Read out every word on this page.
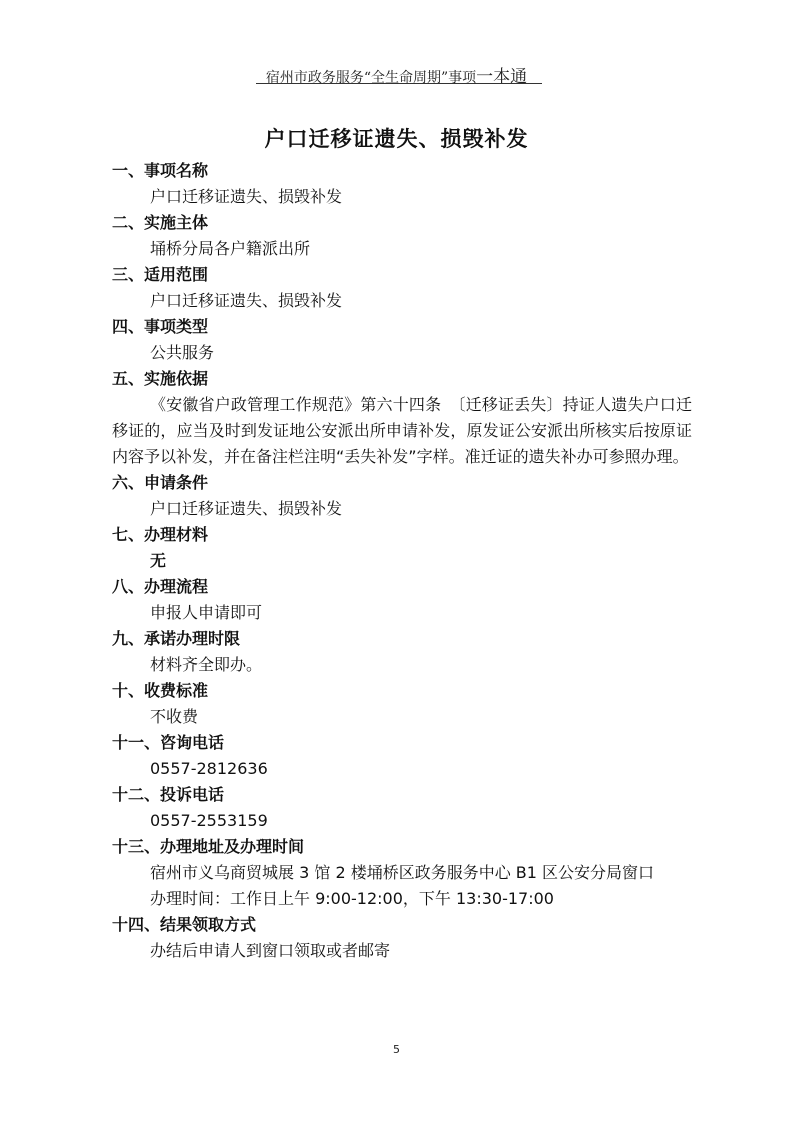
宿州市政务服务“全生命周期”事项一本通
户口迁移证遗失、损毁补发
一、事项名称
户口迁移证遗失、损毁补发
二、实施主体
埇桥分局各户籍派出所
三、适用范围
户口迁移证遗失、损毁补发
四、事项类型
公共服务
五、实施依据
《安徽省户政管理工作规范》第六十四条　〔迁移证丢失〕持证人遗失户口迁移证的，应当及时到发证地公安派出所申请补发，原发证公安派出所核实后按原证内容予以补发，并在备注栏注明“丢失补发”字样。准迁证的遗失补办可参照办理。
六、申请条件
户口迁移证遗失、损毁补发
七、办理材料
无
八、办理流程
申报人申请即可
九、承诺办理时限
材料齐全即办。
十、收费标准
不收费
十一、咨询电话
0557-2812636
十二、投诉电话
0557-2553159
十三、办理地址及办理时间
宿州市义乌商贸城展 3 馆 2 楼埇桥区政务服务中心 B1 区公安分局窗口
办理时间：工作日上午 9:00-12:00，下午 13:30-17:00
十四、结果领取方式
办结后申请人到窗口领取或者邮寄
5
